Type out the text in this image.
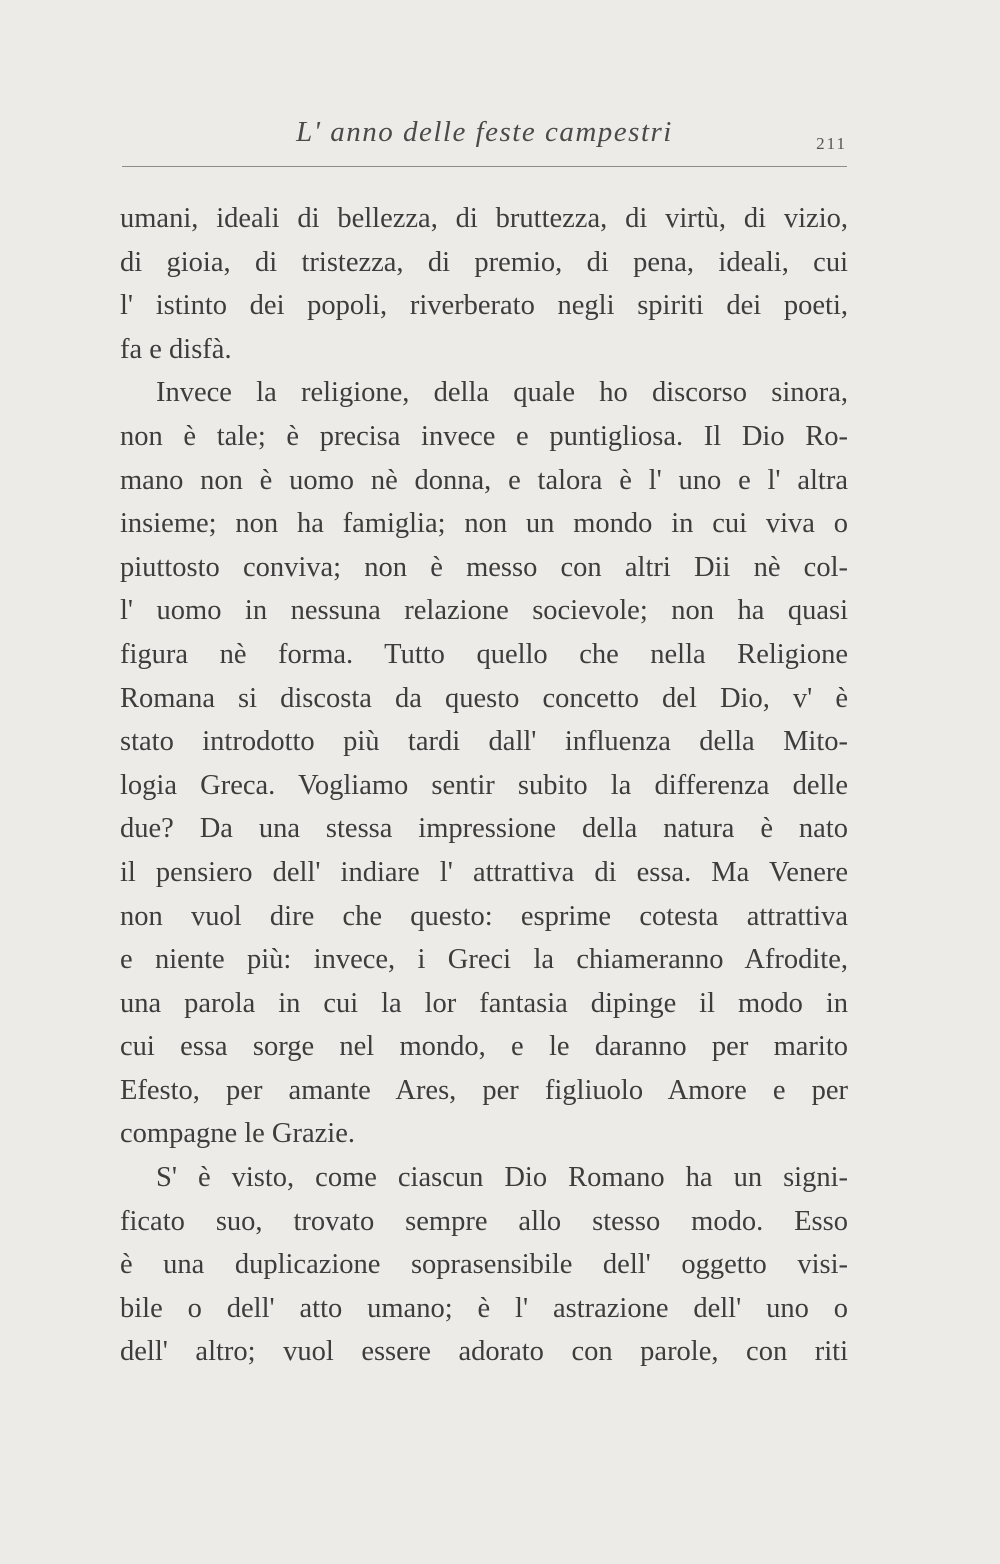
L' anno delle feste campestri	211
umani, ideali di bellezza, di bruttezza, di virtù, di vizio,
di gioia, di tristezza, di premio, di pena, ideali, cui
l' istinto dei popoli, riverberato negli spiriti dei poeti,
fa e disfà.
Invece la religione, della quale ho discorso sinora,
non è tale; è precisa invece e puntigliosa. Il Dio Ro-
mano non è uomo nè donna, e talora è l' uno e l' altra
insieme; non ha famiglia; non un mondo in cui viva o
piuttosto conviva; non è messo con altri Dii nè col-
l' uomo in nessuna relazione socievole; non ha quasi
figura nè forma. Tutto quello che nella Religione
Romana si discosta da questo concetto del Dio, v' è
stato introdotto più tardi dall' influenza della Mito-
logia Greca. Vogliamo sentir subito la differenza delle
due? Da una stessa impressione della natura è nato
il pensiero dell' indiare l' attrattiva di essa. Ma Venere
non vuol dire che questo: esprime cotesta attrattiva
e niente più: invece, i Greci la chiameranno Afrodite,
una parola in cui la lor fantasia dipinge il modo in
cui essa sorge nel mondo, e le daranno per marito
Efesto, per amante Ares, per figliuolo Amore e per
compagne le Grazie.
S' è visto, come ciascun Dio Romano ha un signi-
ficato suo, trovato sempre allo stesso modo. Esso
è una duplicazione soprasensibile dell' oggetto visi-
bile o dell' atto umano; è l' astrazione dell' uno o
dell' altro; vuol essere adorato con parole, con riti
